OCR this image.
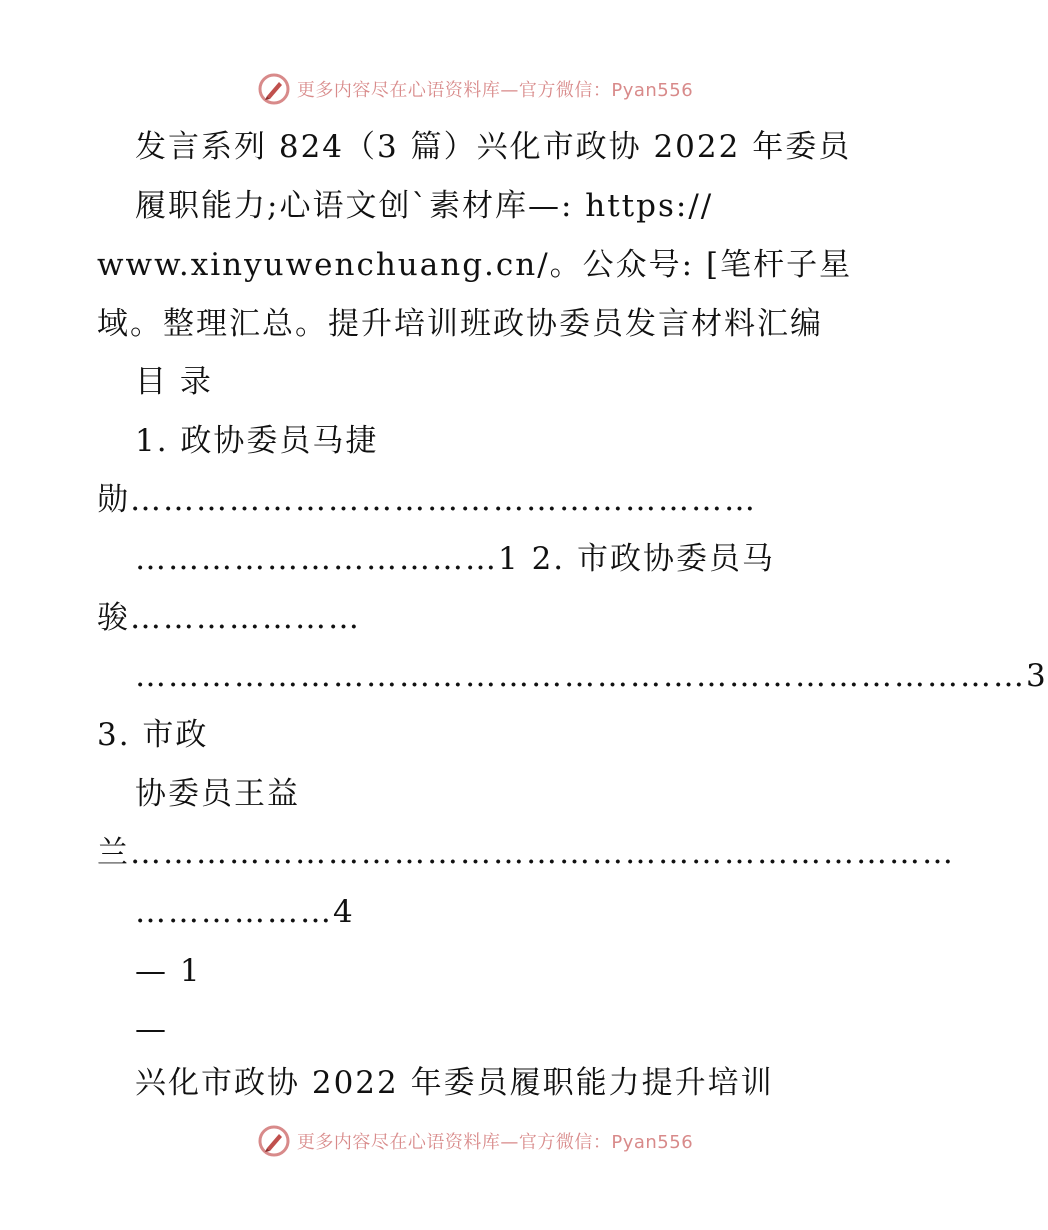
更多内容尽在心语资料库—官方微信：Pyan556
发言系列 824（3 篇）兴化市政协 2022 年委员
履职能力;心语文创`素材库—: https://
www.xinyuwenchuang.cn/。公众号: [笔杆子星
域。整理汇总。提升培训班政协委员发言材料汇编
目 录
1. 政协委员马捷
勋…………………………………………………
……………………………1 2. 市政协委员马
骏…………………
………………………………………………………………………3
3. 市政
协委员王益
兰…………………………………………………………………
………………4
— 1
—
兴化市政协 2022 年委员履职能力提升培训
更多内容尽在心语资料库—官方微信：Pyan556
